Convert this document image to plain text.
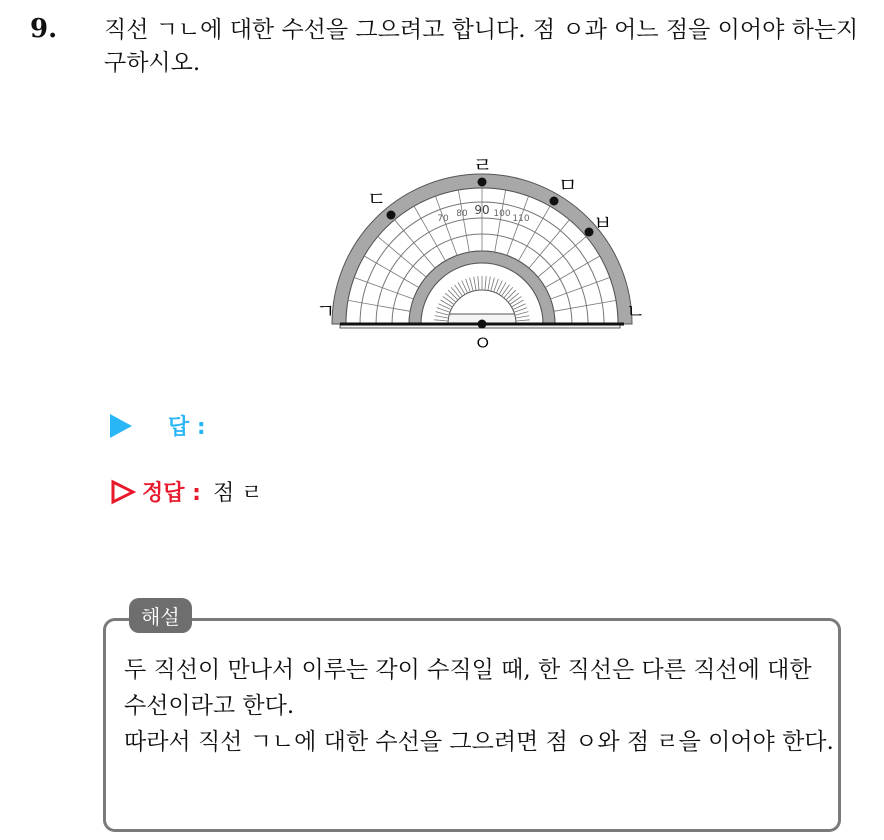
9. 직선 ㄱㄴ에 대한 수선을 그으려고 합니다. 점 ㅇ과 어느 점을 이어야 하는지 구하시오.
90
80	100
70	110
ㄱ	ㄴ
ㄹ
ㄷ
ㅁ
ㅂ
ㅇ
답 :
정답 : 점 ㄹ
해설

두 직선이 만나서 이루는 각이 수직일 때, 한 직선은 다른 직선에 대한 수선이라고 한다.

따라서 직선 ㄱㄴ에 대한 수선을 그으려면 점 ㅇ와 점 ㄹ을 이어야 한다.
